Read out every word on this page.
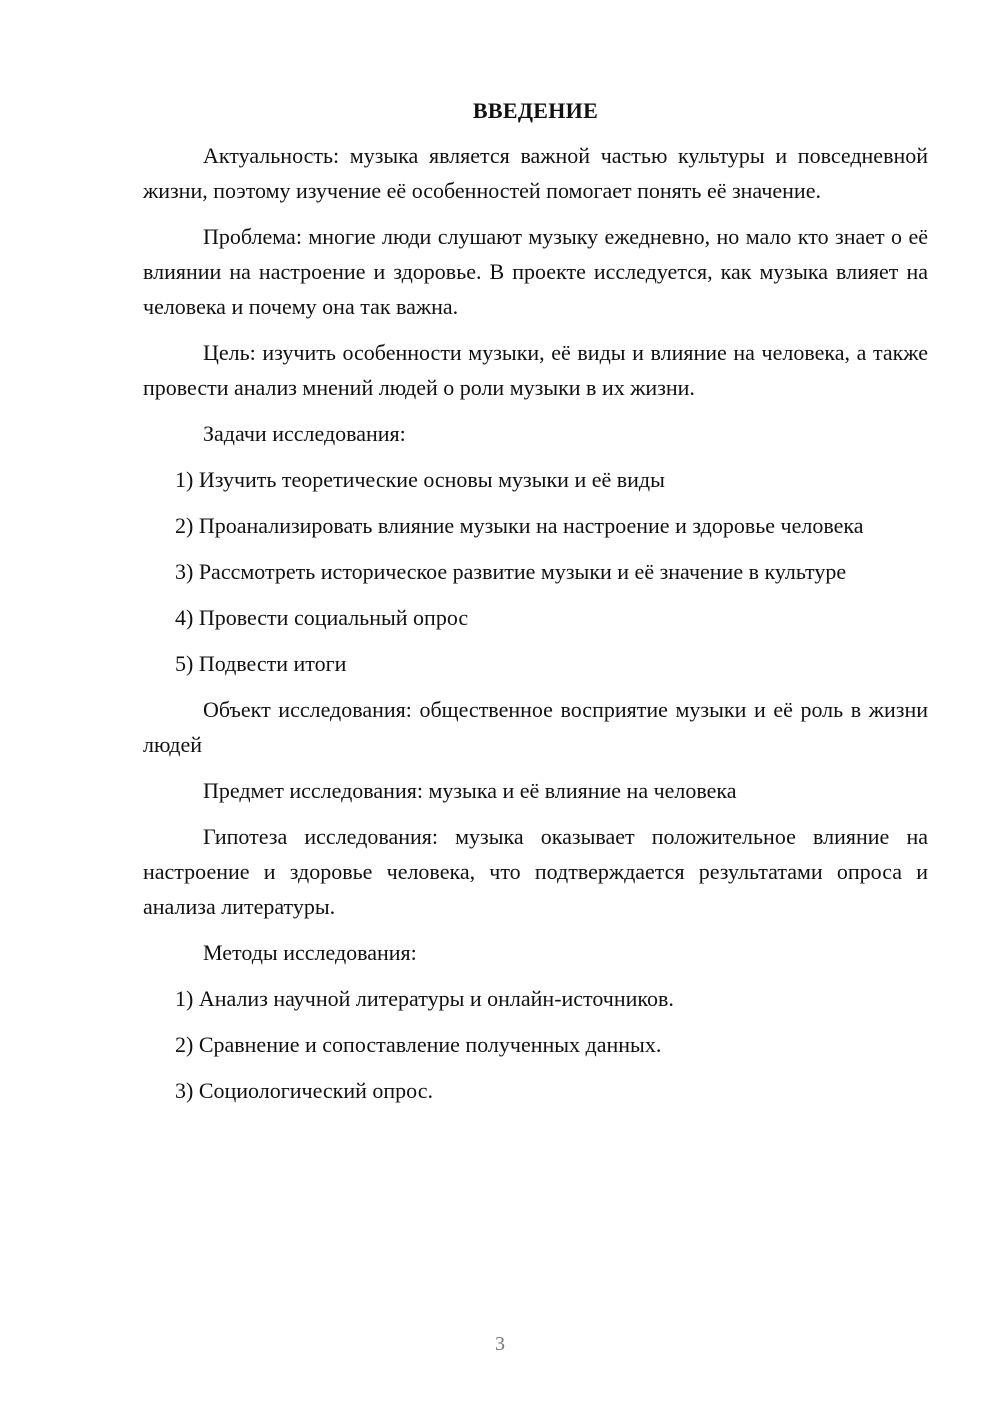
ВВЕДЕНИЕ

Актуальность: музыка является важной частью культуры и повседневной жизни, поэтому изучение её особенностей помогает понять её значение.

Проблема: многие люди слушают музыку ежедневно, но мало кто знает о её влиянии на настроение и здоровье. В проекте исследуется, как музыка влияет на человека и почему она так важна.

Цель: изучить особенности музыки, её виды и влияние на человека, а также провести анализ мнений людей о роли музыки в их жизни.

Задачи исследования:

1) Изучить теоретические основы музыки и её виды

2) Проанализировать влияние музыки на настроение и здоровье человека

3) Рассмотреть историческое развитие музыки и её значение в культуре

4) Провести социальный опрос

5) Подвести итоги

Объект исследования: общественное восприятие музыки и её роль в жизни людей

Предмет исследования: музыка и её влияние на человека

Гипотеза исследования: музыка оказывает положительное влияние на настроение и здоровье человека, что подтверждается результатами опроса и анализа литературы.

Методы исследования:

1) Анализ научной литературы и онлайн-источников.

2) Сравнение и сопоставление полученных данных.

3) Социологический опрос.

3
